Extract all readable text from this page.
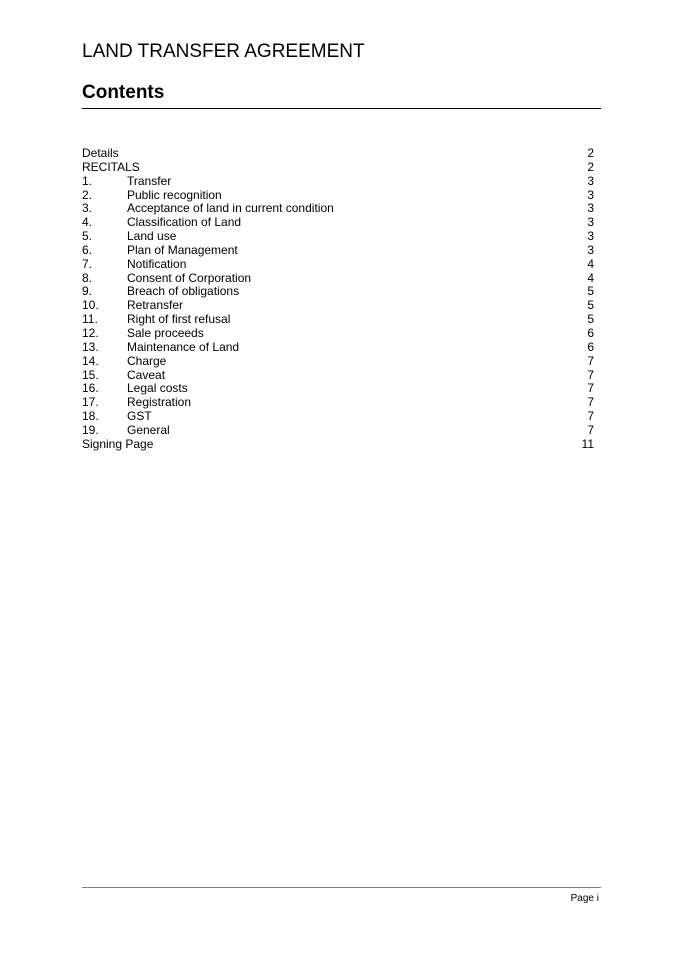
LAND TRANSFER AGREEMENT
Contents
Details	2
RECITALS	2
1.	Transfer	3
2.	Public recognition	3
3.	Acceptance of land in current condition	3
4.	Classification of Land	3
5.	Land use	3
6.	Plan of Management	3
7.	Notification	4
8.	Consent of Corporation	4
9.	Breach of obligations	5
10. Retransfer	5
11. Right of first refusal	5
12. Sale proceeds	6
13. Maintenance of Land	6
14. Charge	7
15. Caveat	7
16. Legal costs	7
17. Registration	7
18. GST	7
19. General	7
Signing Page	11
Page i
